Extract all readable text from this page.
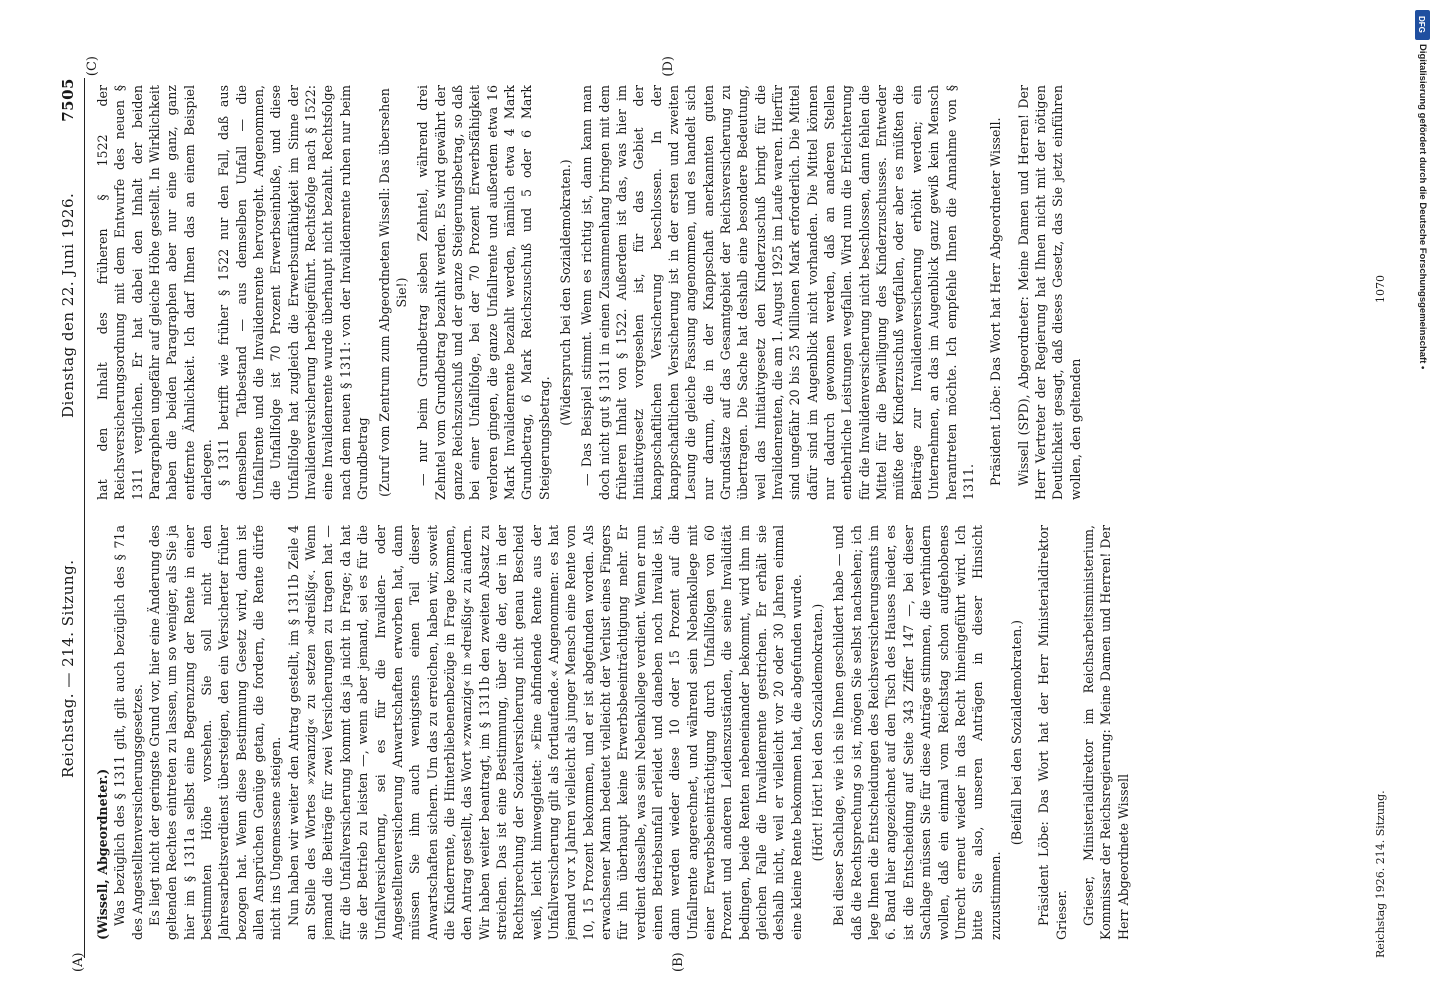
Reichstag. — 214. Sitzung.
Dienstag den 22. Juni 1926.
7505

(Wissell, Abgeordneter.) Was bezüglich des § 1311 gilt, gilt auch bezüglich des § 71a des Angestelltenversicherungsgesetzes. Es liegt nicht der geringste Grund vor, hier eine Änderung des geltenden Rechtes eintreten zu lassen, um so weniger, als Sie ja hier im § 1311a selbst eine Begrenzung der Rente in einer bestimmten Höhe vorsehen. Sie soll nicht den Jahresarbeitsverdienst übersteigen, den ein Versicherter früher bezogen hat. Wenn diese Bestimmung Gesetz wird, dann ist allen Ansprüchen Genüge getan, die fordern, die Rente dürfe nicht ins Ungemessene steigen. Nun haben wir weiter den Antrag gestellt, im § 1311b Zeile 4 an Stelle des Wortes »zwanzig« zu setzen »dreißig«. Wenn jemand die Beiträge für zwei Versicherungen zu tragen hat — für die Unfallversicherung kommt das ja nicht in Frage; da hat sie der Betrieb zu leisten —, wenn aber jemand, sei es für die Unfallversicherung, sei es für die Invaliden- oder Angestelltenversicherung Anwartschaften erworben hat, dann müssen Sie ihm auch wenigstens einen Teil dieser Anwartschaften sichern. Um das zu erreichen, haben wir, soweit die Kinderrente, die Hinterbliebenenbezüge in Frage kommen, den Antrag gestellt, das Wort »zwanzig« in »dreißig« zu ändern. Wir haben weiter beantragt, im § 1311b den zweiten Absatz zu streichen. Das ist eine Bestimmung, über die der, der in der Rechtsprechung der Sozialversicherung nicht genau Bescheid weiß, leicht hinweggleitet: »Eine abfindende Rente aus der Unfallversicherung gilt als fortlaufende.« Angenommen: es hat jemand vor x Jahren vielleicht als junger Mensch eine Rente von 10, 15 Prozent bekommen, und er ist abgefunden worden. Als erwachsener Mann bedeutet vielleicht der Verlust eines Fingers für ihn überhaupt keine Erwerbsbeeinträchtigung mehr. Er verdient dasselbe, was sein Nebenkollege verdient. Wenn er nun einen Betriebsunfall erleidet und daneben noch Invalide ist, dann werden wieder diese 10 oder 15 Prozent auf die Unfallrente angerechnet, und während sein Nebenkollege mit einer Erwerbsbeeinträchtigung durch Unfallfolgen von 60 Prozent und anderen Leidenszuständen, die seine Invalidität bedingen, beide Renten nebeneinander bekommt, wird ihm im gleichen Falle die Invalidenrente gestrichen. Er erhält sie deshalb nicht, weil er vielleicht vor 20 oder 30 Jahren einmal eine kleine Rente bekommen hat, die abgefunden wurde. (Hört! Hört! bei den Sozialdemokraten.) Bei dieser Sachlage, wie ich sie Ihnen geschildert habe — und daß die Rechtsprechung so ist, mögen Sie selbst nachsehen; ich lege Ihnen die Entscheidungen des Reichsversicherungsamts im 6. Band hier angezeichnet auf den Tisch des Hauses nieder, es ist die Entscheidung auf Seite 343 Ziffer 147 —, bei dieser Sachlage müssen Sie für diese Anträge stimmen, die verhindern wollen, daß ein einmal vom Reichstag schon aufgehobenes Unrecht erneut wieder in das Recht hineingeführt wird. Ich bitte Sie also, unseren Anträgen in dieser Hinsicht zuzustimmen.

(Beifall bei den Sozialdemokraten.) Präsident Löbe: Das Wort hat der Herr Ministerialdirektor Grieser. Grieser, Ministerialdirektor im Reichsarbeitsministerium, Kommissar der Reichsregierung: Meine Damen und Herren! Der Herr Abgeordnete Wissell

(A)	(B)

hat den Inhalt des früheren § 1522 der Reichsversicherungsordnung mit dem Entwurfe des neuen § 1311 verglichen. Er hat dabei den Inhalt der beiden Paragraphen ungefähr auf gleiche Höhe gestellt. In Wirklichkeit haben die beiden Paragraphen aber nur eine ganz, ganz entfernte Ähnlichkeit. Ich darf Ihnen das an einem Beispiel darlegen. § 1311 betrifft wie früher § 1522 nur den Fall, daß aus demselben Tatbestand — aus demselben Unfall — die Unfallrente und die Invalidenrente hervorgeht. Angenommen, die Unfallfolge ist 70 Prozent Erwerbseinbuße, und diese Unfallfolge hat zugleich die Erwerbsunfähigkeit im Sinne der Invalidenversicherung herbeigeführt. Rechtsfolge nach § 1522: eine Invalidenrente wurde überhaupt nicht bezahlt. Rechtsfolge nach dem neuen § 1311: von der Invalidenrente ruhen nur beim Grundbetrag (Zuruf vom Zentrum zum Abgeordneten Wissell: Das übersehen Sie!) — nur beim Grundbetrag sieben Zehntel, während drei Zehntel vom Grundbetrag bezahlt werden. Es wird gewährt der ganze Reichszuschuß und der ganze Steigerungsbetrag, so daß bei einer Unfallfolge, bei der 70 Prozent Erwerbsfähigkeit verloren gingen, die ganze Unfallrente und außerdem etwa 16 Mark Invalidenrente bezahlt werden, nämlich etwa 4 Mark Grundbetrag, 6 Mark Reichszuschuß und 5 oder 6 Mark Steigerungsbetrag.

(Widerspruch bei den Sozialdemokraten.) — Das Beispiel stimmt. Wenn es richtig ist, dann kann man doch nicht gut § 1311 in einen Zusammenhang bringen mit dem früheren Inhalt von § 1522. Außerdem ist das, was hier im Initiativgesetz vorgesehen ist, für das Gebiet der knappschaftlichen Versicherung beschlossen. In der knappschaftlichen Versicherung ist in der ersten und zweiten Lesung die gleiche Fassung angenommen, und es handelt sich nur darum, die in der Knappschaft anerkannten guten Grundsätze auf das Gesamtgebiet der Reichsversicherung zu übertragen. Die Sache hat deshalb eine besondere Bedeutung, weil das Initiativgesetz den Kinderzuschuß bringt für die Invalidenrenten, die am 1. August 1925 im Laufe waren. Hierfür sind ungefähr 20 bis 25 Millionen Mark erforderlich. Die Mittel dafür sind im Augenblick nicht vorhanden. Die Mittel können nur dadurch gewonnen werden, daß an anderen Stellen entbehrliche Leistungen wegfallen. Wird nun die Erleichterung für die Invalidenversicherung nicht beschlossen, dann fehlen die Mittel für die Bewilligung des Kinderzuschusses. Entweder müßte der Kinderzuschuß wegfallen, oder aber es müßten die Beiträge zur Invalidenversicherung erhöht werden; ein Unternehmen, an das im Augenblick ganz gewiß kein Mensch herantreten möchte. Ich empfehle Ihnen die Annahme von § 1311. Präsident Löbe: Das Wort hat Herr Abgeordneter Wissell. Wissell (SPD), Abgeordneter: Meine Damen und Herren! Der Herr Vertreter der Regierung hat Ihnen nicht mit der nötigen Deutlichkeit gesagt, daß dieses Gesetz, das Sie jetzt einführen wollen, den geltenden

(C)	(D)
Reichstag 1926. 214. Sitzung.
1070
DFG
Digitalisierung gefördert durch die Deutsche Forschungsgemeinschaft •
